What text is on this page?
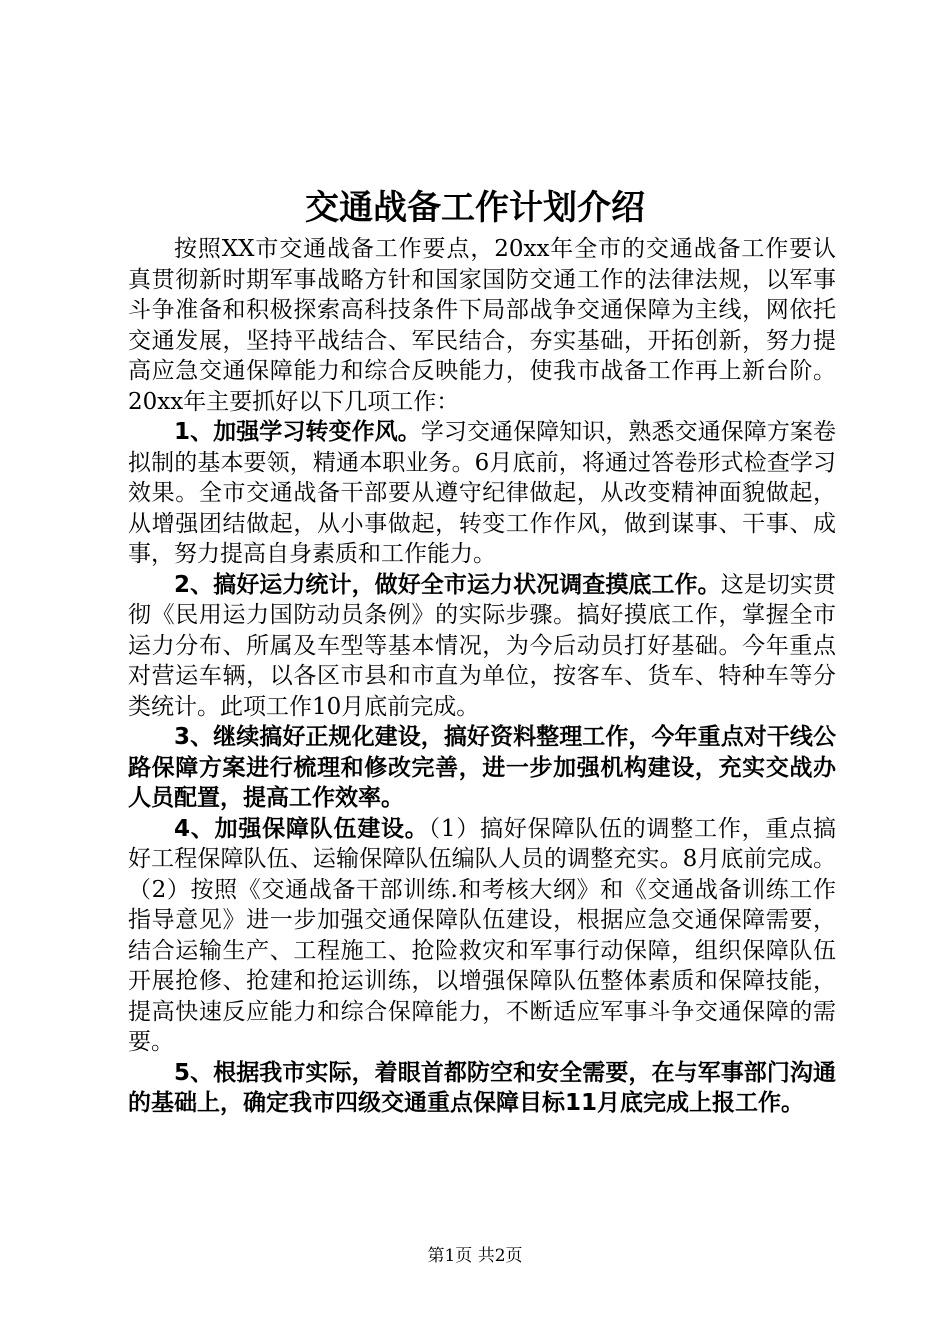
交通战备工作计划介绍

按照XX市交通战备工作要点，20xx年全市的交通战备工作要认真贯彻新时期军事战略方针和国家国防交通工作的法律法规，以军事斗争准备和积极探索高科技条件下局部战争交通保障为主线，网依托交通发展，坚持平战结合、军民结合，夯实基础，开拓创新，努力提高应急交通保障能力和综合反映能力，使我市战备工作再上新台阶。20xx年主要抓好以下几项工作：

1、加强学习转变作风。学习交通保障知识，熟悉交通保障方案卷拟制的基本要领，精通本职业务。6月底前，将通过答卷形式检查学习效果。全市交通战备干部要从遵守纪律做起，从改变精神面貌做起，从增强团结做起，从小事做起，转变工作作风，做到谋事、干事、成事，努力提高自身素质和工作能力。

2、搞好运力统计，做好全市运力状况调查摸底工作。这是切实贯彻《民用运力国防动员条例》的实际步骤。搞好摸底工作，掌握全市运力分布、所属及车型等基本情况，为今后动员打好基础。今年重点对营运车辆，以各区市县和市直为单位，按客车、货车、特种车等分类统计。此项工作10月底前完成。

3、继续搞好正规化建设，搞好资料整理工作，今年重点对干线公路保障方案进行梳理和修改完善，进一步加强机构建设，充实交战办人员配置，提高工作效率。

4、加强保障队伍建设。（1）搞好保障队伍的调整工作，重点搞好工程保障队伍、运输保障队伍编队人员的调整充实。8月底前完成。（2）按照《交通战备干部训练.和考核大纲》和《交通战备训练工作指导意见》进一步加强交通保障队伍建设，根据应急交通保障需要，结合运输生产、工程施工、抢险救灾和军事行动保障，组织保障队伍开展抢修、抢建和抢运训练，以增强保障队伍整体素质和保障技能，提高快速反应能力和综合保障能力，不断适应军事斗争交通保障的需要。

5、根据我市实际，着眼首都防空和安全需要，在与军事部门沟通的基础上，确定我市四级交通重点保障目标11月底完成上报工作。

第1页 共2页
